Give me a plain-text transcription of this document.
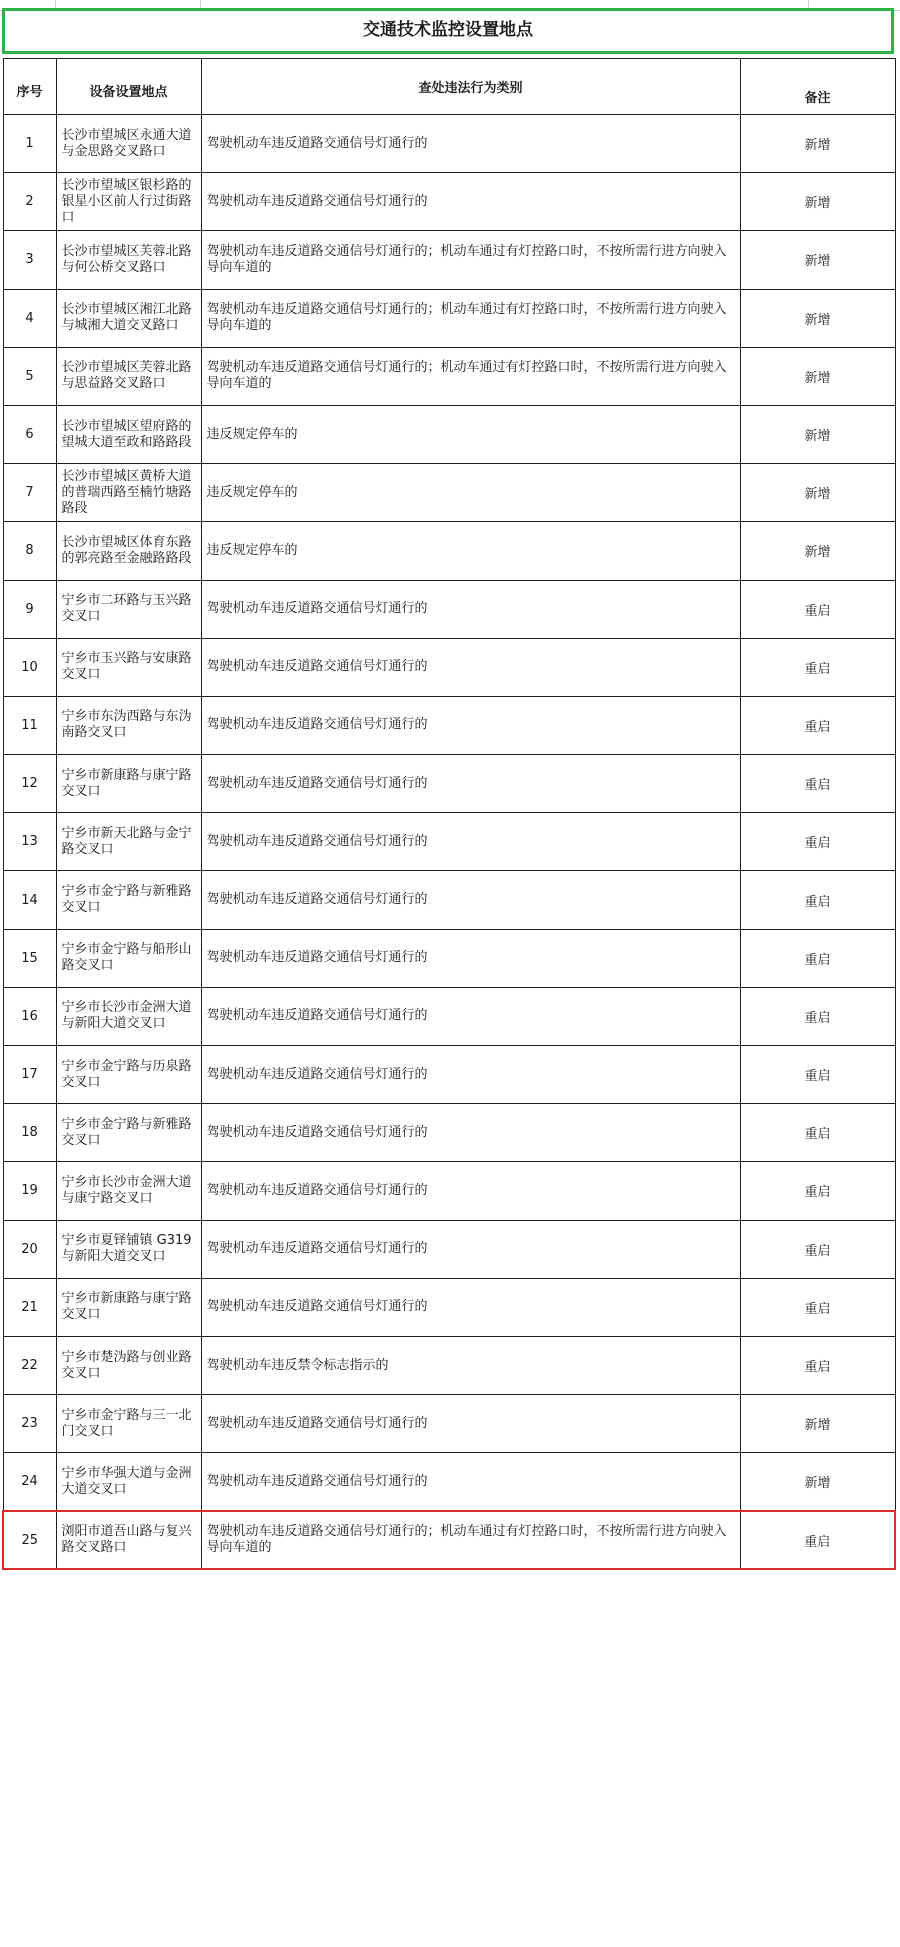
交通技术监控设置地点
序号	设备设置地点	查处违法行为类别	备注
1	长沙市望城区永通大道与金思路交叉路口	驾驶机动车违反道路交通信号灯通行的	新增
2	长沙市望城区银杉路的银星小区前人行过街路口	驾驶机动车违反道路交通信号灯通行的	新增
3	长沙市望城区芙蓉北路与何公桥交叉路口	驾驶机动车违反道路交通信号灯通行的；机动车通过有灯控路口时，不按所需行进方向驶入导向车道的	新增
4	长沙市望城区湘江北路与城湘大道交叉路口	驾驶机动车违反道路交通信号灯通行的；机动车通过有灯控路口时，不按所需行进方向驶入导向车道的	新增
5	长沙市望城区芙蓉北路与思益路交叉路口	驾驶机动车违反道路交通信号灯通行的；机动车通过有灯控路口时，不按所需行进方向驶入导向车道的	新增
6	长沙市望城区望府路的望城大道至政和路路段	违反规定停车的	新增
7	长沙市望城区黄桥大道的普瑞西路至楠竹塘路路段	违反规定停车的	新增
8	长沙市望城区体育东路的郭亮路至金融路路段	违反规定停车的	新增
9	宁乡市二环路与玉兴路交叉口	驾驶机动车违反道路交通信号灯通行的	重启
10	宁乡市玉兴路与安康路交叉口	驾驶机动车违反道路交通信号灯通行的	重启
11	宁乡市东沩西路与东沩南路交叉口	驾驶机动车违反道路交通信号灯通行的	重启
12	宁乡市新康路与康宁路交叉口	驾驶机动车违反道路交通信号灯通行的	重启
13	宁乡市新天北路与金宁路交叉口	驾驶机动车违反道路交通信号灯通行的	重启
14	宁乡市金宁路与新雅路交叉口	驾驶机动车违反道路交通信号灯通行的	重启
15	宁乡市金宁路与船形山路交叉口	驾驶机动车违反道路交通信号灯通行的	重启
16	宁乡市长沙市金洲大道与新阳大道交叉口	驾驶机动车违反道路交通信号灯通行的	重启
17	宁乡市金宁路与历泉路交叉口	驾驶机动车违反道路交通信号灯通行的	重启
18	宁乡市金宁路与新雅路交叉口	驾驶机动车违反道路交通信号灯通行的	重启
19	宁乡市长沙市金洲大道与康宁路交叉口	驾驶机动车违反道路交通信号灯通行的	重启
20	宁乡市夏铎铺镇 G319 与新阳大道交叉口	驾驶机动车违反道路交通信号灯通行的	重启
21	宁乡市新康路与康宁路交叉口	驾驶机动车违反道路交通信号灯通行的	重启
22	宁乡市楚沩路与创业路交叉口	驾驶机动车违反禁令标志指示的	重启
23	宁乡市金宁路与三一北门交叉口	驾驶机动车违反道路交通信号灯通行的	新增
24	宁乡市华强大道与金洲大道交叉口	驾驶机动车违反道路交通信号灯通行的	新增
25	浏阳市道吾山路与复兴路交叉路口	驾驶机动车违反道路交通信号灯通行的；机动车通过有灯控路口时，不按所需行进方向驶入导向车道的	重启
